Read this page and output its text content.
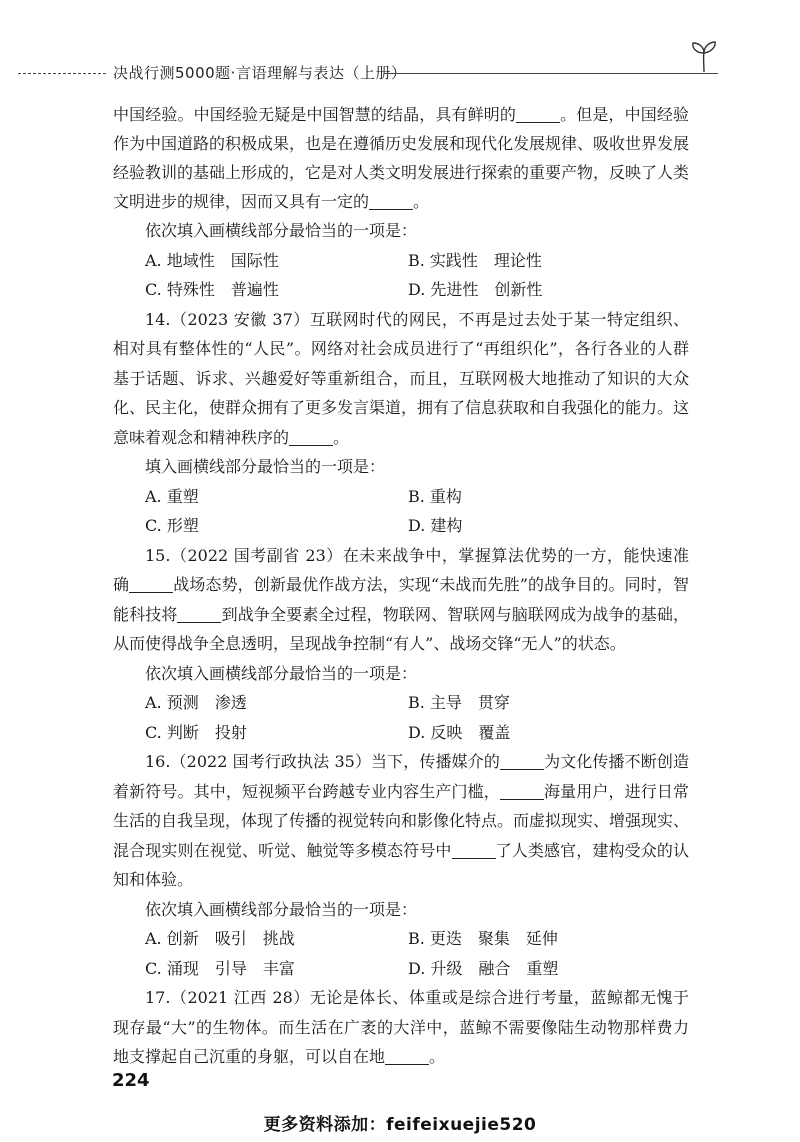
决战行测5000题·言语理解与表达（上册）

中国经验。中国经验无疑是中国智慧的结晶，具有鲜明的	。但是，中国经验作为中国道路的积极成果，也是在遵循历史发展和现代化发展规律、吸收世界发展经验教训的基础上形成的，它是对人类文明发展进行探索的重要产物，反映了人类文明进步的规律，因而又具有一定的	。

依次填入画横线部分最恰当的一项是：

A. 地域性　国际性	B. 实践性　理论性
C. 特殊性　普遍性	D. 先进性　创新性

14.（2023 安徽 37）互联网时代的网民，不再是过去处于某一特定组织、相对具有整体性的“人民”。网络对社会成员进行了“再组织化”，各行各业的人群基于话题、诉求、兴趣爱好等重新组合，而且，互联网极大地推动了知识的大众化、民主化，使群众拥有了更多发言渠道，拥有了信息获取和自我强化的能力。这意味着观念和精神秩序的	。

填入画横线部分最恰当的一项是：

A. 重塑	B. 重构
C. 形塑	D. 建构

15.（2022 国考副省 23）在未来战争中，掌握算法优势的一方，能快速准确	战场态势，创新最优作战方法，实现“未战而先胜”的战争目的。同时，智能科技将	到战争全要素全过程，物联网、智联网与脑联网成为战争的基础，从而使得战争全息透明，呈现战争控制“有人”、战场交锋“无人”的状态。

依次填入画横线部分最恰当的一项是：

A. 预测　渗透	B. 主导　贯穿
C. 判断　投射	D. 反映　覆盖

16.（2022 国考行政执法 35）当下，传播媒介的	为文化传播不断创造着新符号。其中，短视频平台跨越专业内容生产门槛，	海量用户，进行日常生活的自我呈现，体现了传播的视觉转向和影像化特点。而虚拟现实、增强现实、混合现实则在视觉、听觉、触觉等多模态符号中	了人类感官，建构受众的认知和体验。

依次填入画横线部分最恰当的一项是：

A. 创新　吸引　挑战	B. 更迭　聚集　延伸
C. 涌现　引导　丰富	D. 升级　融合　重塑

17.（2021 江西 28）无论是体长、体重或是综合进行考量，蓝鲸都无愧于现存最“大”的生物体。而生活在广袤的大洋中，蓝鲸不需要像陆生动物那样费力地支撑起自己沉重的身躯，可以自在地	。

224
更多资料添加：feifeixuejie520
